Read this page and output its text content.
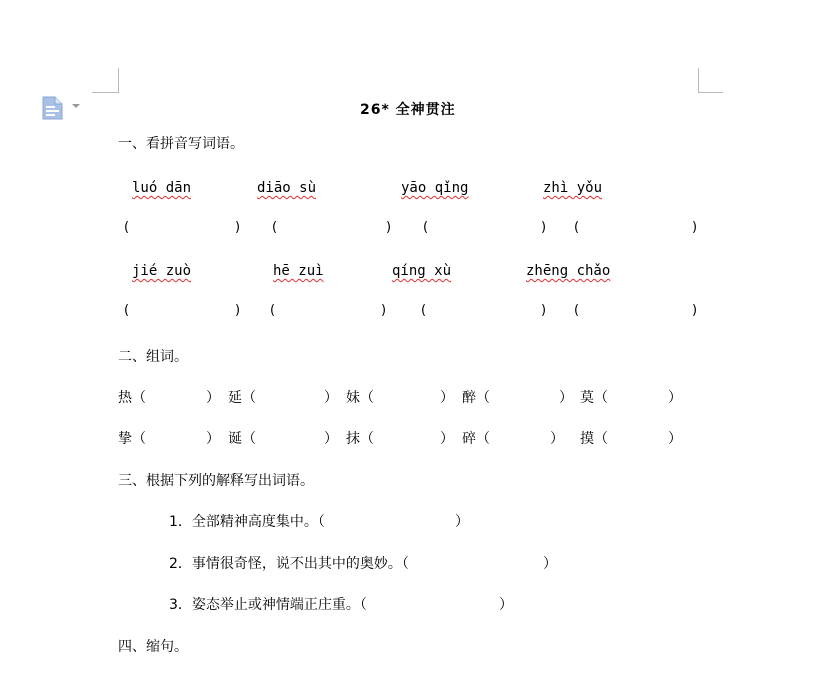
26* 全神贯注
一、看拼音写词语。
luó dān	diāo sù	yāo qǐng	zhì yǒu
(	) (	) (	) (	)
jié zuò	hē zuì	qíng xù	zhēng chǎo
(	) (	)	(	) (	)
二、组词。
热（	） 延（	） 妹（	） 醉（	） 莫（	）
挚（	） 诞（	） 抹（	） 碎（	） 摸（	）
三、根据下列的解释写出词语。
1．全部精神高度集中。（	）
2．事情很奇怪，说不出其中的奥妙。（	）
3．姿态举止或神情端正庄重。（	）
四、缩句。
